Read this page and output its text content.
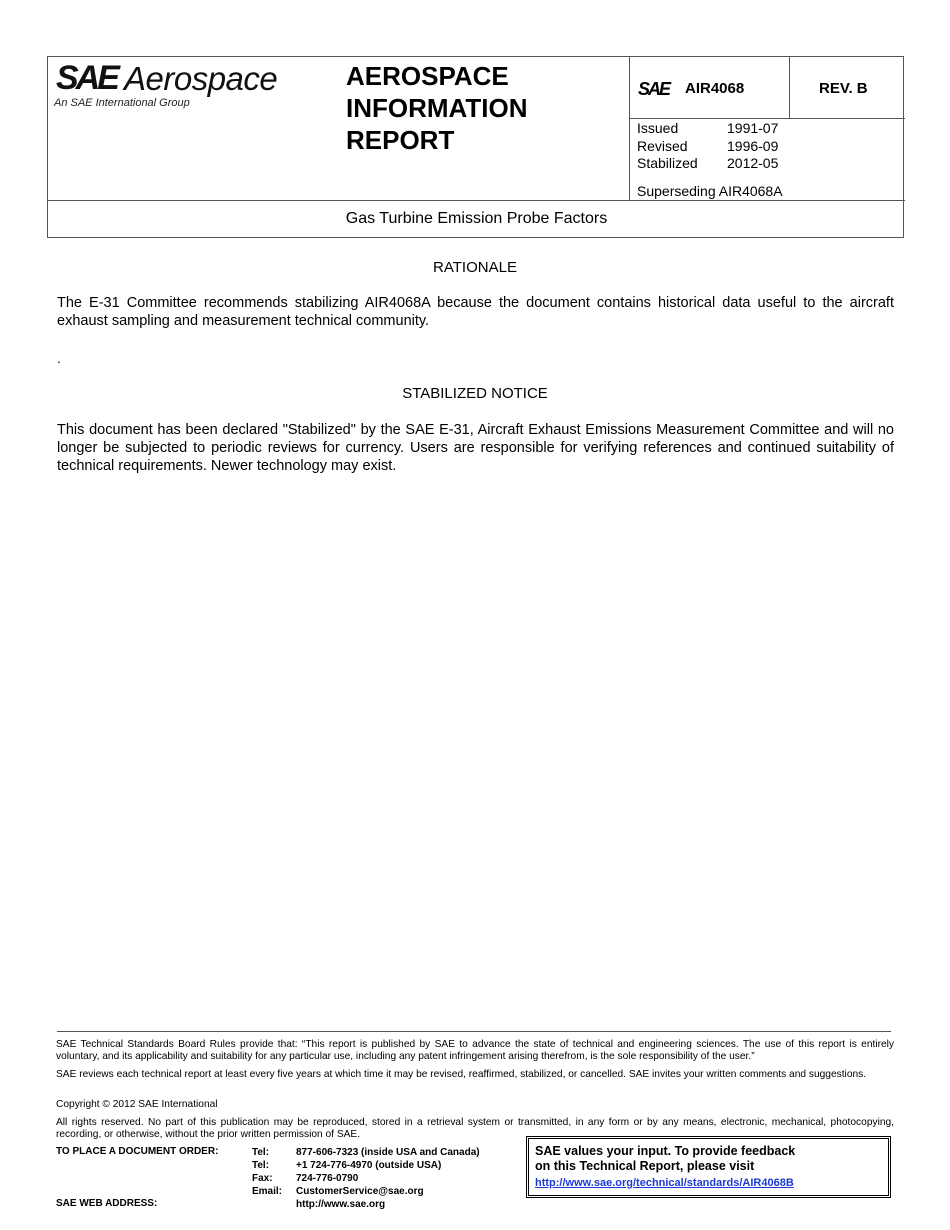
SAE Aerospace
An SAE International Group
AEROSPACE
INFORMATION
REPORT
SAE AIR4068	REV. B
Issued	1991-07
Revised	1996-09
Stabilized	2012-05
Superseding AIR4068A
Gas Turbine Emission Probe Factors
RATIONALE
The E-31 Committee recommends stabilizing AIR4068A because the document contains historical data useful to the aircraft exhaust sampling and measurement technical community.
.
STABILIZED NOTICE
This document has been declared "Stabilized" by the SAE E-31, Aircraft Exhaust Emissions Measurement Committee and will no longer be subjected to periodic reviews for currency. Users are responsible for verifying references and continued suitability of technical requirements. Newer technology may exist.
SAE Technical Standards Board Rules provide that: “This report is published by SAE to advance the state of technical and engineering sciences. The use of this report is entirely voluntary, and its applicability and suitability for any particular use, including any patent infringement arising therefrom, is the sole responsibility of the user.”
SAE reviews each technical report at least every five years at which time it may be revised, reaffirmed, stabilized, or cancelled. SAE invites your written comments and suggestions.
Copyright © 2012 SAE International
All rights reserved. No part of this publication may be reproduced, stored in a retrieval system or transmitted, in any form or by any means, electronic, mechanical, photocopying, recording, or otherwise, without the prior written permission of SAE.
TO PLACE A DOCUMENT ORDER:
SAE WEB ADDRESS:
Tel:	877-606-7323 (inside USA and Canada)
Tel:	+1 724-776-4970 (outside USA)
Fax:	724-776-0790
Email:	CustomerService@sae.org
http://www.sae.org
SAE values your input. To provide feedback
on this Technical Report, please visit
http://www.sae.org/technical/standards/AIR4068B
